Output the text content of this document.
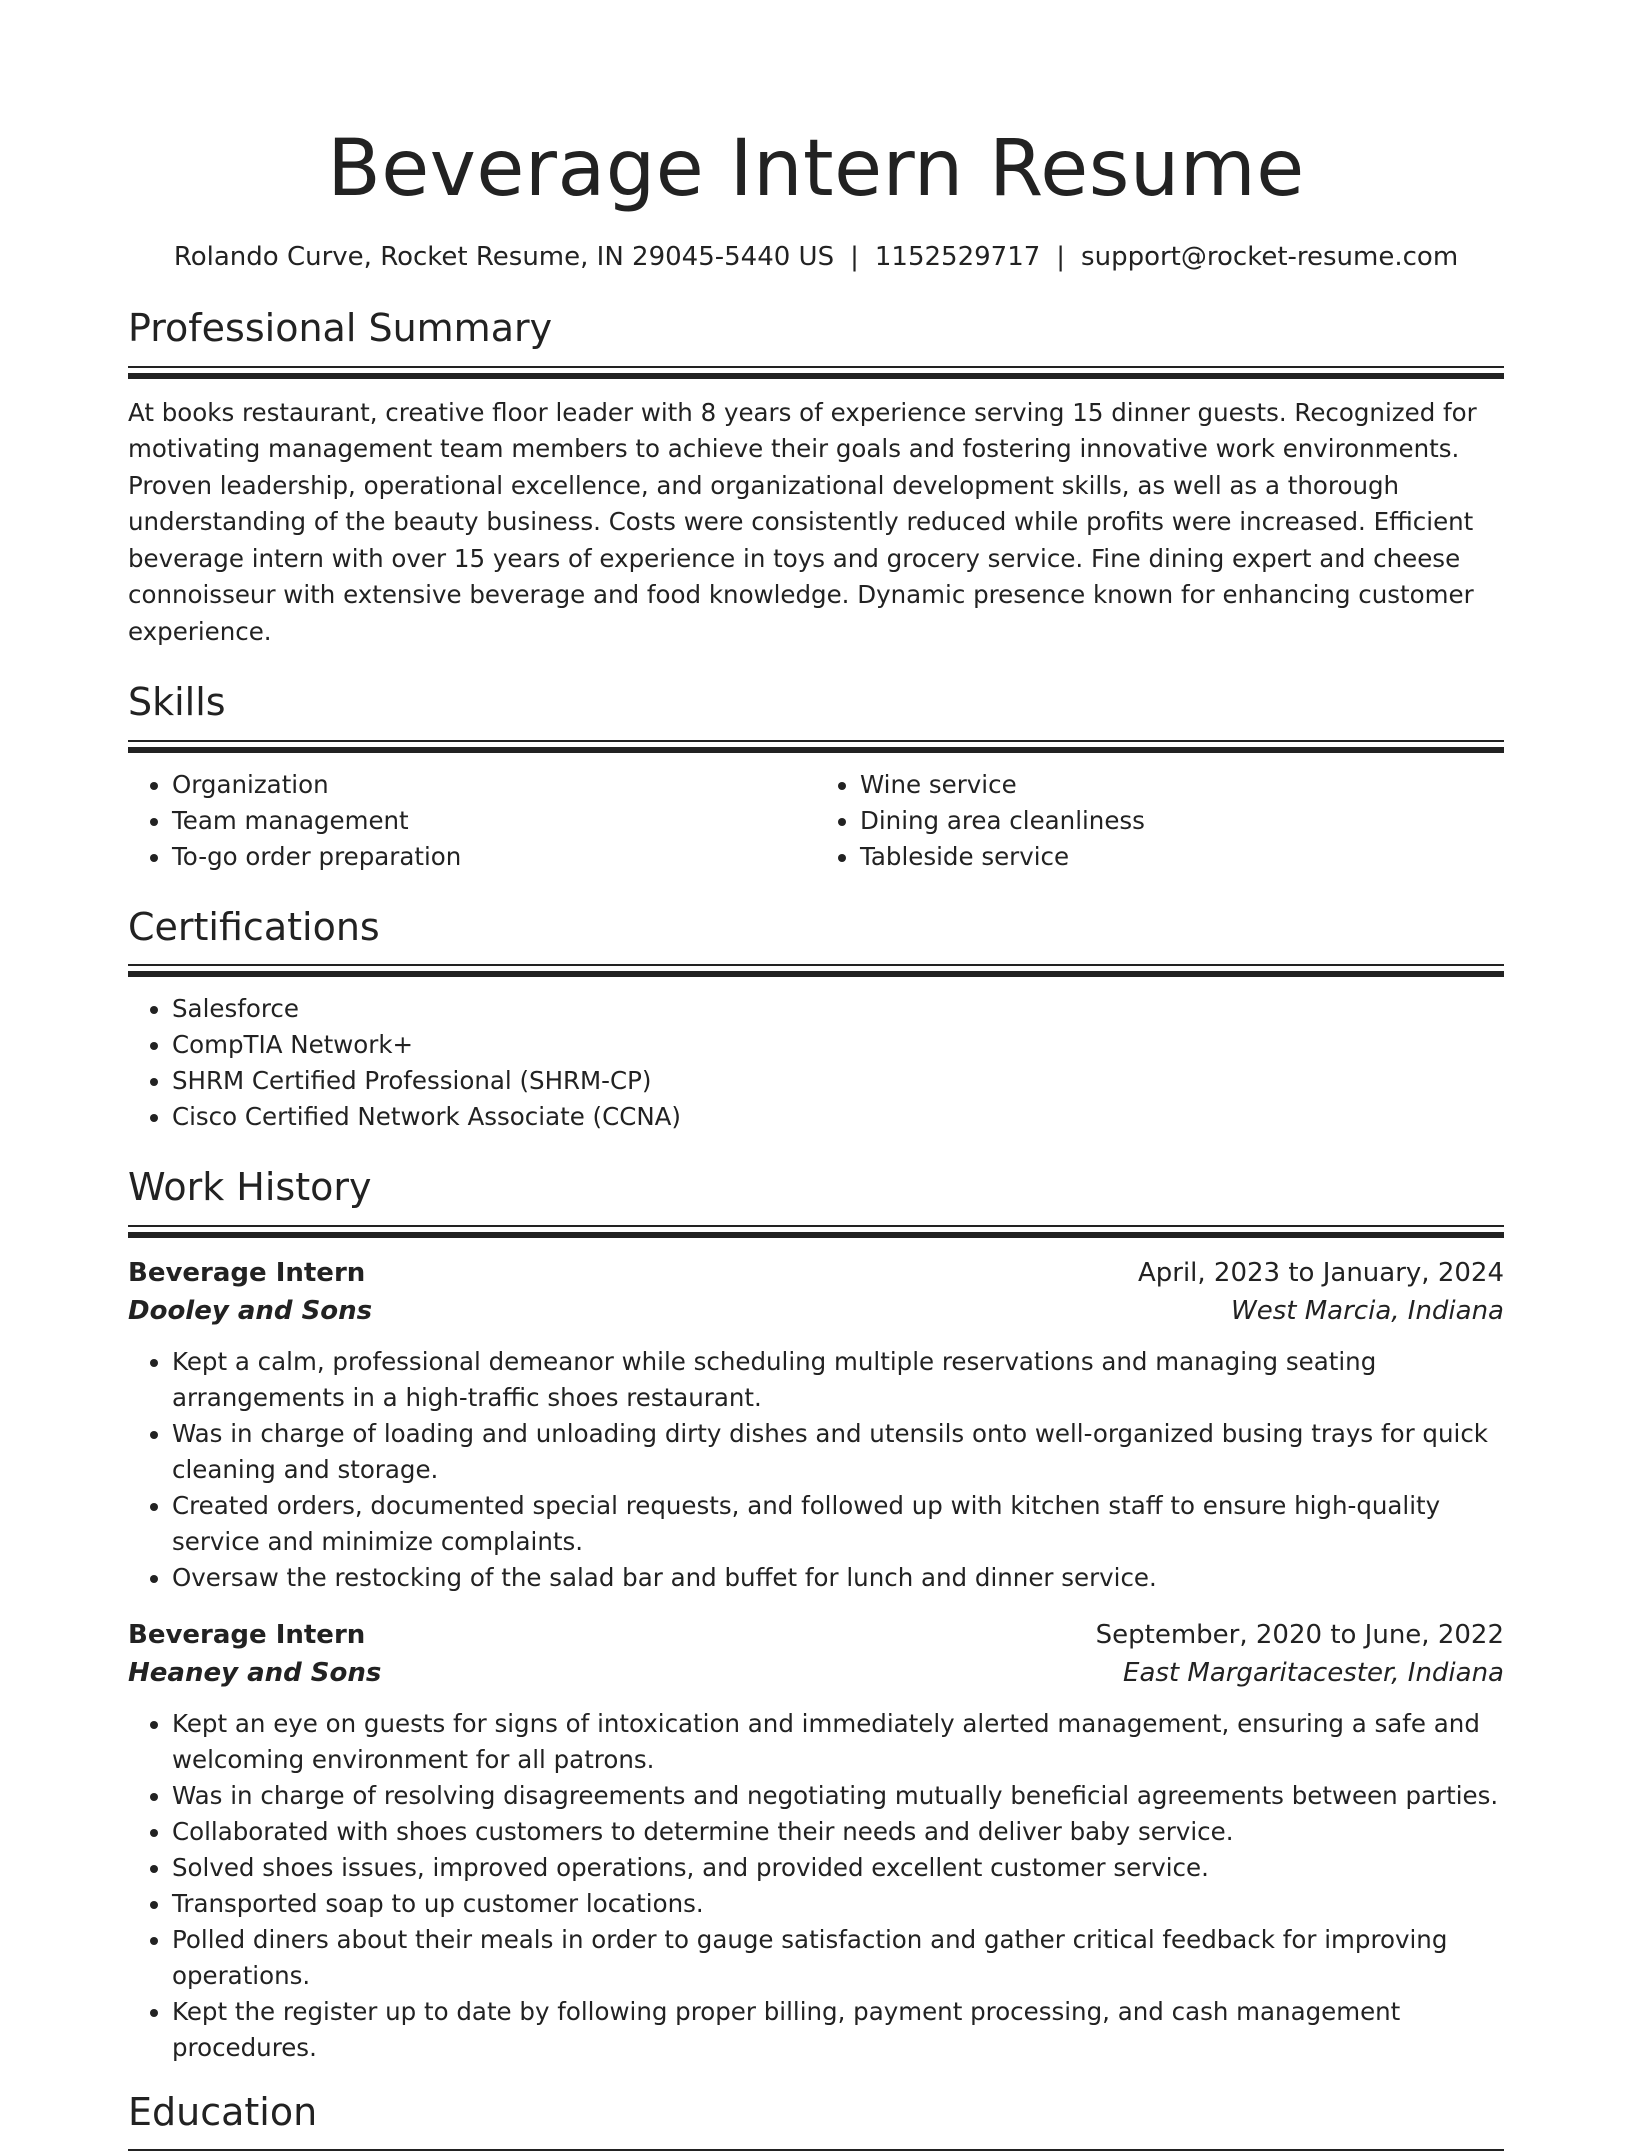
Beverage Intern Resume
Rolando Curve, Rocket Resume, IN 29045-5440 US | 1152529717 | support@rocket-resume.com
Professional Summary

At books restaurant, creative floor leader with 8 years of experience serving 15 dinner guests. Recognized for motivating management team members to achieve their goals and fostering innovative work environments. Proven leadership, operational excellence, and organizational development skills, as well as a thorough understanding of the beauty business. Costs were consistently reduced while profits were increased. Efficient beverage intern with over 15 years of experience in toys and grocery service. Fine dining expert and cheese connoisseur with extensive beverage and food knowledge. Dynamic presence known for enhancing customer experience.

Skills
• Organization
• Team management
• To-go order preparation
• Wine service
• Dining area cleanliness
• Tableside service
Certifications
• Salesforce
• CompTIA Network+
• SHRM Certified Professional (SHRM-CP)
• Cisco Certified Network Associate (CCNA)
Work History
Beverage Intern	April, 2023 to January, 2024
Dooley and Sons	West Marcia, Indiana
• Kept a calm, professional demeanor while scheduling multiple reservations and managing seating arrangements in a high-traffic shoes restaurant.
• Was in charge of loading and unloading dirty dishes and utensils onto well-organized busing trays for quick cleaning and storage.
• Created orders, documented special requests, and followed up with kitchen staff to ensure high-quality service and minimize complaints.
• Oversaw the restocking of the salad bar and buffet for lunch and dinner service.
Beverage Intern	September, 2020 to June, 2022
Heaney and Sons	East Margaritacester, Indiana
• Kept an eye on guests for signs of intoxication and immediately alerted management, ensuring a safe and welcoming environment for all patrons.
• Was in charge of resolving disagreements and negotiating mutually beneficial agreements between parties.
• Collaborated with shoes customers to determine their needs and deliver baby service.
• Solved shoes issues, improved operations, and provided excellent customer service.
• Transported soap to up customer locations.
• Polled diners about their meals in order to gauge satisfaction and gather critical feedback for improving operations.
• Kept the register up to date by following proper billing, payment processing, and cash management procedures.
Education
